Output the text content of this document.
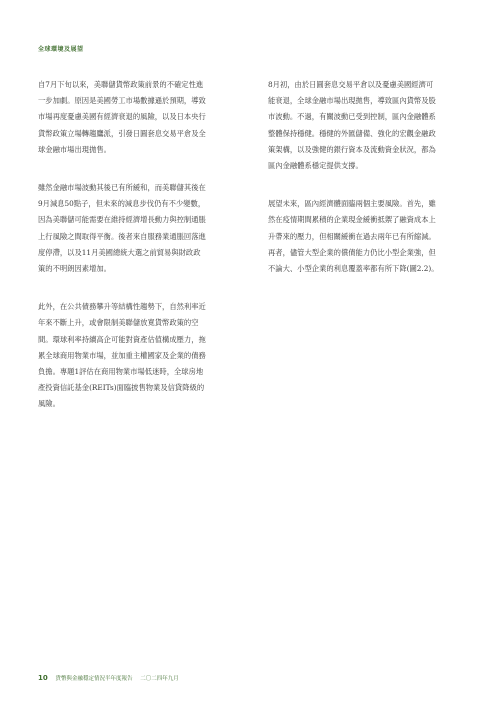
全球環境及展望

自7月下旬以來，美聯儲貨幣政策前景的不確定性進
一步加劇。原因是美國勞工市場數據遜於預期，導致
市場再度憂慮美國有經濟衰退的風險，以及日本央行
貨幣政策立場轉趨鷹派，引發日圓套息交易平倉及全
球金融市場出現拋售。

雖然金融市場波動其後已有所緩和，而美聯儲其後在
9月減息50點子，但未來的減息步伐仍有不少變數，
因為美聯儲可能需要在維持經濟增長動力與控制通脹
上行風險之間取得平衡。後者來自服務業通脹回落進
度停滯，以及11月美國總統大選之前貿易與財政政
策的不明朗因素增加。

此外，在公共債務攀升等結構性趨勢下，自然利率近
年來不斷上升，或會限制美聯儲放寬貨幣政策的空
間。環球利率持續高企可能對資產估值構成壓力，拖
累全球商用物業市場，並加重主權國家及企業的債務
負擔。專題1評估在商用物業市場低迷時，全球房地
產投資信託基金(REITs)面臨披售物業及信貸降級的
風險。

8月初，由於日圓套息交易平倉以及憂慮美國經濟可
能衰退，全球金融市場出現拋售，導致區內貨幣及股
市波動。不過，有關波動已受到控制，區內金融體系
整體保持穩健。穩健的外匯儲備、強化的宏觀金融政
策架構，以及強健的銀行資本及流動資金狀況，都為
區內金融體系穩定提供支撐。

展望未來，區內經濟體面臨兩個主要風險。首先，雖
然在疫情期間累積的企業現金緩衝抵禦了融資成本上
升帶來的壓力，但相關緩衝在過去兩年已有所縮減。
再者，儘管大型企業的償債能力仍比小型企業強，但
不論大、小型企業的利息覆蓋率都有所下降(圖2.2)。

10 貨幣與金融穩定情況半年度報告 二〇二四年九月
